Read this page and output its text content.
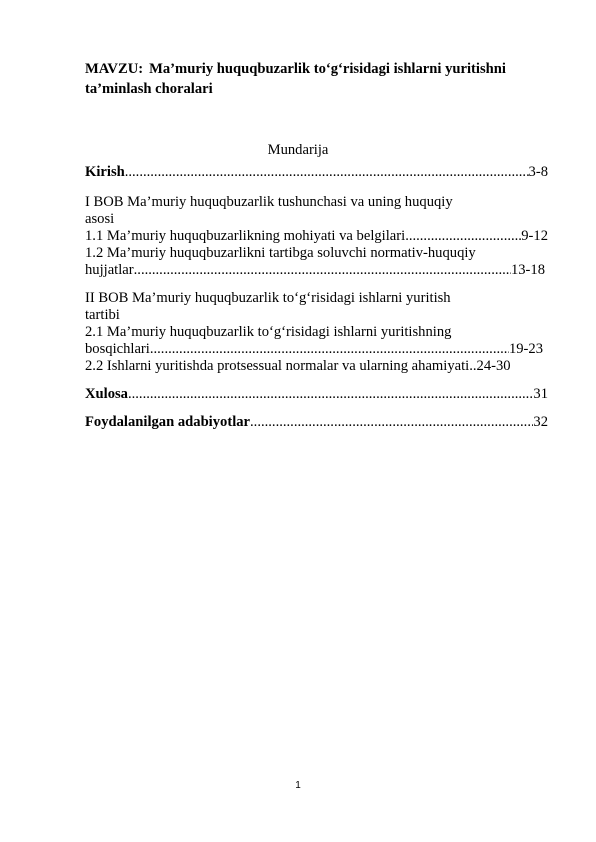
MAVZU: Ma’muriy huquqbuzarlik to‘g‘risidagi ishlarni yuritishni ta’minlash choralari
Mundarija
Kirish .....	3-8
I BOB Ma’muriy huquqbuzarlik tushunchasi va uning huquqiy
asosi
1.1 Ma’muriy huquqbuzarlikning mohiyati va belgilari .....	9-12
1.2 Ma’muriy huquqbuzarlikni tartibga soluvchi normativ-huquqiy
hujjatlar .....	13-18
II BOB Ma’muriy huquqbuzarlik to‘g‘risidagi ishlarni yuritish
tartibi
2.1 Ma’muriy huquqbuzarlik to‘g‘risidagi ishlarni yuritishning
bosqichlari .....	19-23
2.2 Ishlarni yuritishda protsessual normalar va ularning ahamiyati.. 24-30
Xulosa .....	31
Foydalanilgan adabiyotlar .....	32
1
